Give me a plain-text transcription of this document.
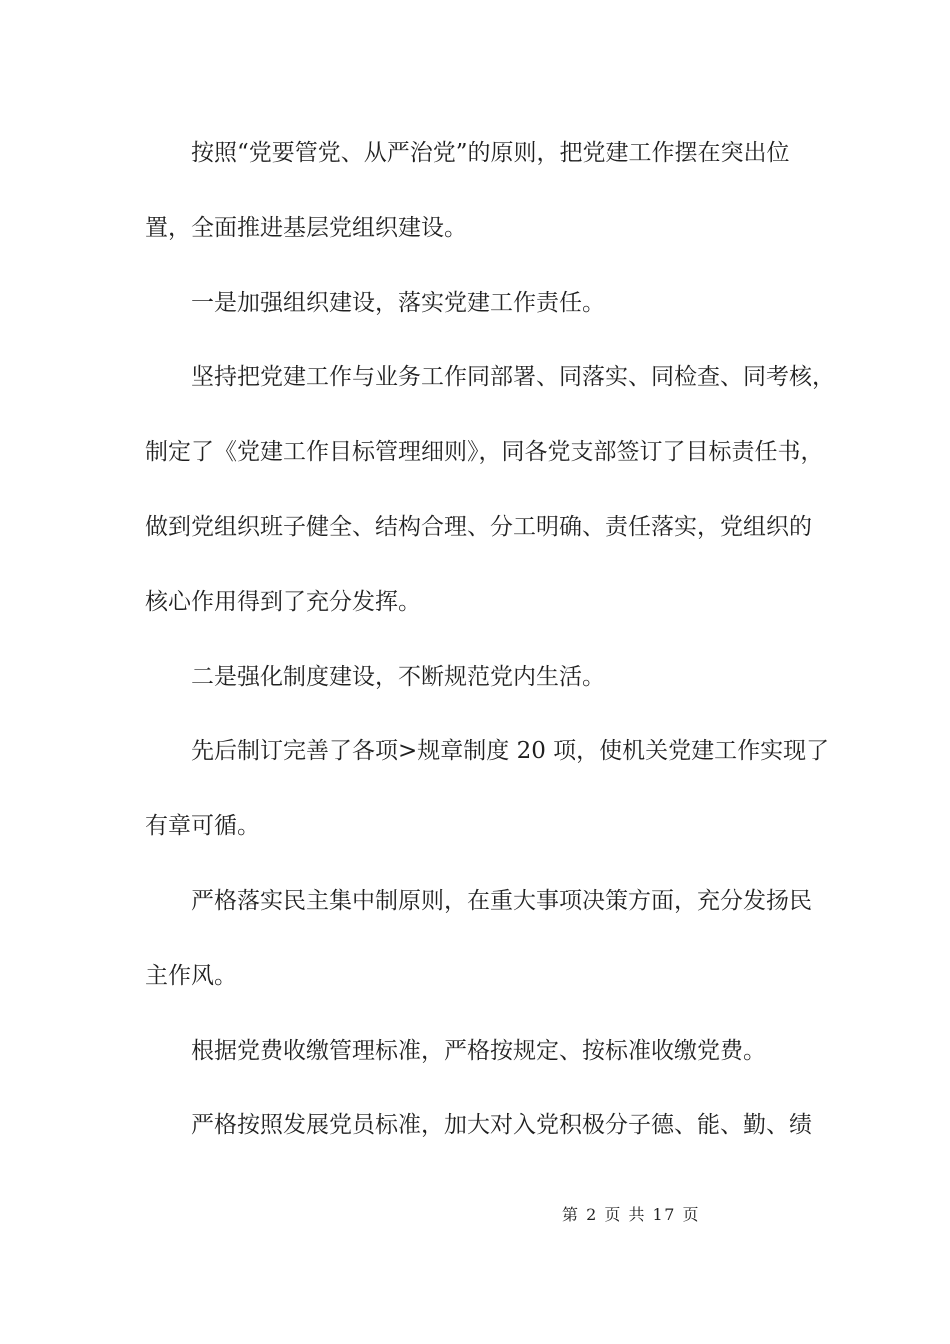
按照“党要管党、从严治党”的原则，把党建工作摆在突出位
置，全面推进基层党组织建设。
一是加强组织建设，落实党建工作责任。
坚持把党建工作与业务工作同部署、同落实、同检查、同考核，
制定了《党建工作目标管理细则》，同各党支部签订了目标责任书，
做到党组织班子健全、结构合理、分工明确、责任落实，党组织的
核心作用得到了充分发挥。
二是强化制度建设，不断规范党内生活。
先后制订完善了各项>规章制度 20 项，使机关党建工作实现了
有章可循。
严格落实民主集中制原则，在重大事项决策方面，充分发扬民
主作风。
根据党费收缴管理标准，严格按规定、按标准收缴党费。
严格按照发展党员标准，加大对入党积极分子德、能、勤、绩
第 2 页 共 17 页
